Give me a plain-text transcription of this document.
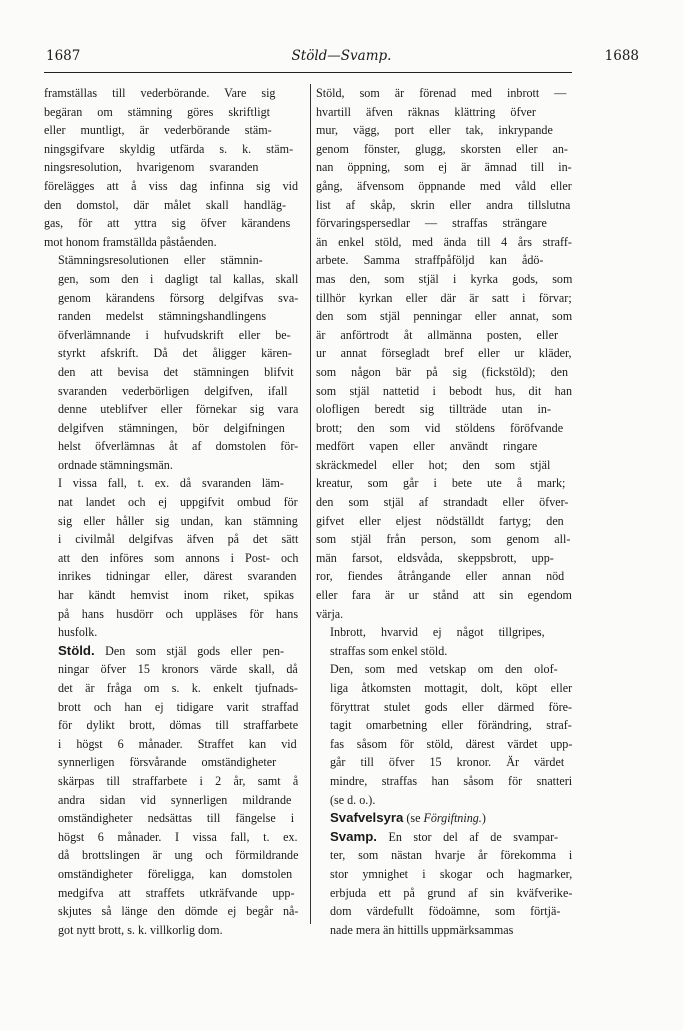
1687	Stöld—Svamp.	1688

framställas till vederbörande. Vare sig
begäran om stämning göres skriftligt
eller muntligt, är vederbörande stäm-
ningsgifvare skyldig utfärda s. k. stäm-
ningsresolution, hvarigenom svaranden
föreläggеs att å viss dag infinna sig vid
den domstol, där målet skall handläg-
gas, för att yttra sig öfver kärandens
mot honom framställda påståenden.

Stämningsresolutionen eller stämnin-
gen, som den i dagligt tal kallas, skall
genom kärandens försorg delgifvas sva-
randen medelst stämningshandlingens
öfverlämnande i hufvudskrift eller be-
styrkt afskrift. Då det åligger kären-
den att bevisa det stämningen blifvit
svaranden vederbörligen delgifven, ifall
denne uteblifver eller förnekar sig vara
delgifven stämningen, bör delgifningen
helst öfverlämnas åt af domstolen för-
ordnade stämningsmän.

I vissa fall, t. ex. då svaranden läm-
nat landet och ej uppgifvit ombud för
sig eller håller sig undan, kan stämning
i civilmål delgifvas äfven på det sätt
att den införes som annons i Post- och
inrikes tidningar eller, därest svaranden
har kändt hemvist inom riket, spikas
på hans husdörr och uppläses för hans
husfolk.

Stöld. Den som stjäl gods eller pen-
ningar öfver 15 kronors värde skall, då
det är fråga om s. k. enkelt tjufnads-
brott och han ej tidigare varit straffad
för dylikt brott, dömas till straffarbete
i högst 6 månader. Straffet kan vid
synnerligen försvårande omständigheter
skärpas till straffarbete i 2 år, samt å
andra sidan vid synnerligen mildrande
omständigheter nedsättas till fängelse i
högst 6 månader. I vissa fall, t. ex.
då brottslingen är ung och förmildrande
omständigheter föreligga, kan domstolen
medgifva att straffets utkräfvande upp-
skjutes så länge den dömde ej begår nå-
got nytt brott, s. k. villkorlig dom.

Stöld, som är förenad med inbrott —
hvartill äfven räknas klättring öfver
mur, vägg, port eller tak, inkrypande
genom fönster, glugg, skorsten eller an-
nan öppning, som ej är ämnad till in-
gång, äfvensom öppnande med våld eller
list af skåp, skrin eller andra tillslutna
förvaringspersedlar — straffas strängare
än enkel stöld, med ända till 4 års straff-
arbete. Samma straffpåföljd kan ådö-
mas den, som stjäl i kyrka gods, som
tillhör kyrkan eller där är satt i förvar;
den som stjäl penningar eller annat, som
är anförtrodt åt allmänna posten, eller
ur annat försegladt bref eller ur kläder,
som någon bär på sig (fickstöld); den
som stjäl nattetid i bebodt hus, dit han
olofligen beredt sig tillträde utan in-
brott; den som vid stöldens föröfvande
medfört vapen eller användt ringare
skräckmedel eller hot; den som stjäl
kreatur, som går i bete ute å mark;
den som stjäl af strandadt eller öfver-
gifvet eller eljest nödställdt fartyg; den
som stjäl från person, som genom all-
män farsot, eldsvåda, skeppsbrott, upp-
ror, fiendes åtrångande eller annan nöd
eller fara är ur stånd att sin egendom
värja.

Inbrott, hvarvid ej något tillgripes,
straffas som enkel stöld.

Den, som med vetskap om den olof-
liga åtkomsten mottagit, dolt, köpt eller
föryttrat stulet gods eller därmed före-
tagit omarbetning eller förändring, straf-
fas såsom för stöld, därest värdet upp-
går till öfver 15 kronor. Är värdet
mindre, straffas han såsom för snatteri
(se d. o.).

Svafvelsyra (se Förgiftning.)

Svamp. En stor del af de svampar-
ter, som nästan hvarje år förekomma i
stor ymnighet i skogar och hagmarker,
erbjuda ett på grund af sin kväfverike-
dom värdefullt födoämne, som förtjä-
nade mera än hittills uppmärksammas
